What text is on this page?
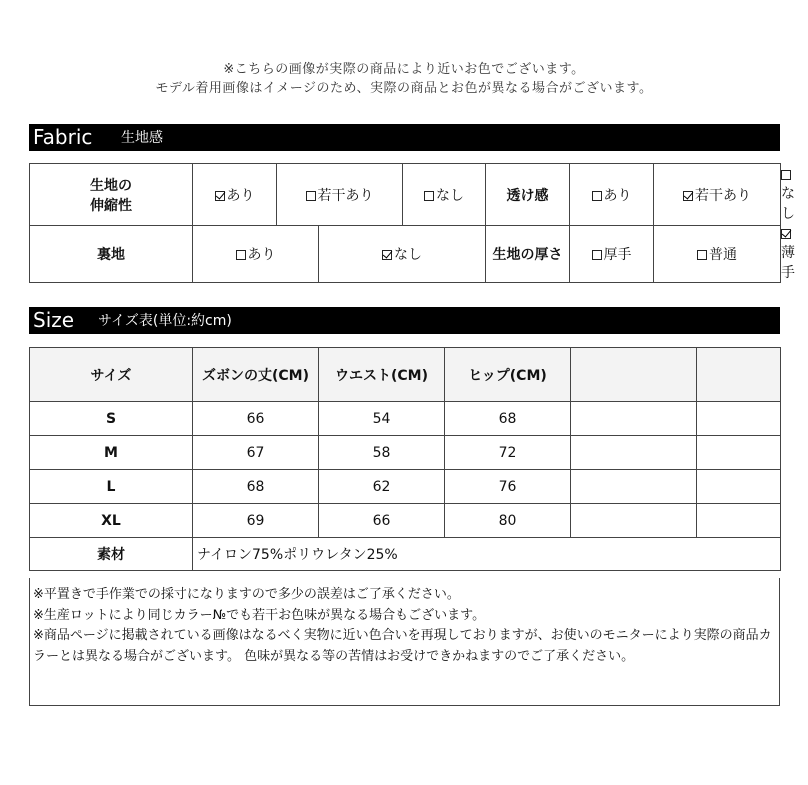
※こちらの画像が実際の商品により近いお色でございます。
モデル着用画像はイメージのため、実際の商品とお色が異なる場合がございます。
Fabric 生地感
生地の
伸縮性	あり	若干あり		なし	透け感	あり	若干あり	なし
裏地	あり		なし		生地の厚さ	厚手	普通	薄手
Size サイズ表(単位:約cm)
サイズ	ズボンの丈(CM)	ウエスト(CM)	ヒップ(CM)		
S	66	54	68		
M	67	58	72		
L	68	62	76		
XL	69	66	80		
素材	ナイロン75%ポリウレタン25%				

※平置きで手作業での採寸になりますので多少の誤差はご了承ください。

※生産ロットにより同じカラー№でも若干お色味が異なる場合もございます。

※商品ページに掲載されている画像はなるべく実物に近い色合いを再現しておりますが、お使いのモニターにより実際の商品カラーとは異なる場合がございます。 色味が異なる等の苦情はお受けできかねますのでご了承ください。
